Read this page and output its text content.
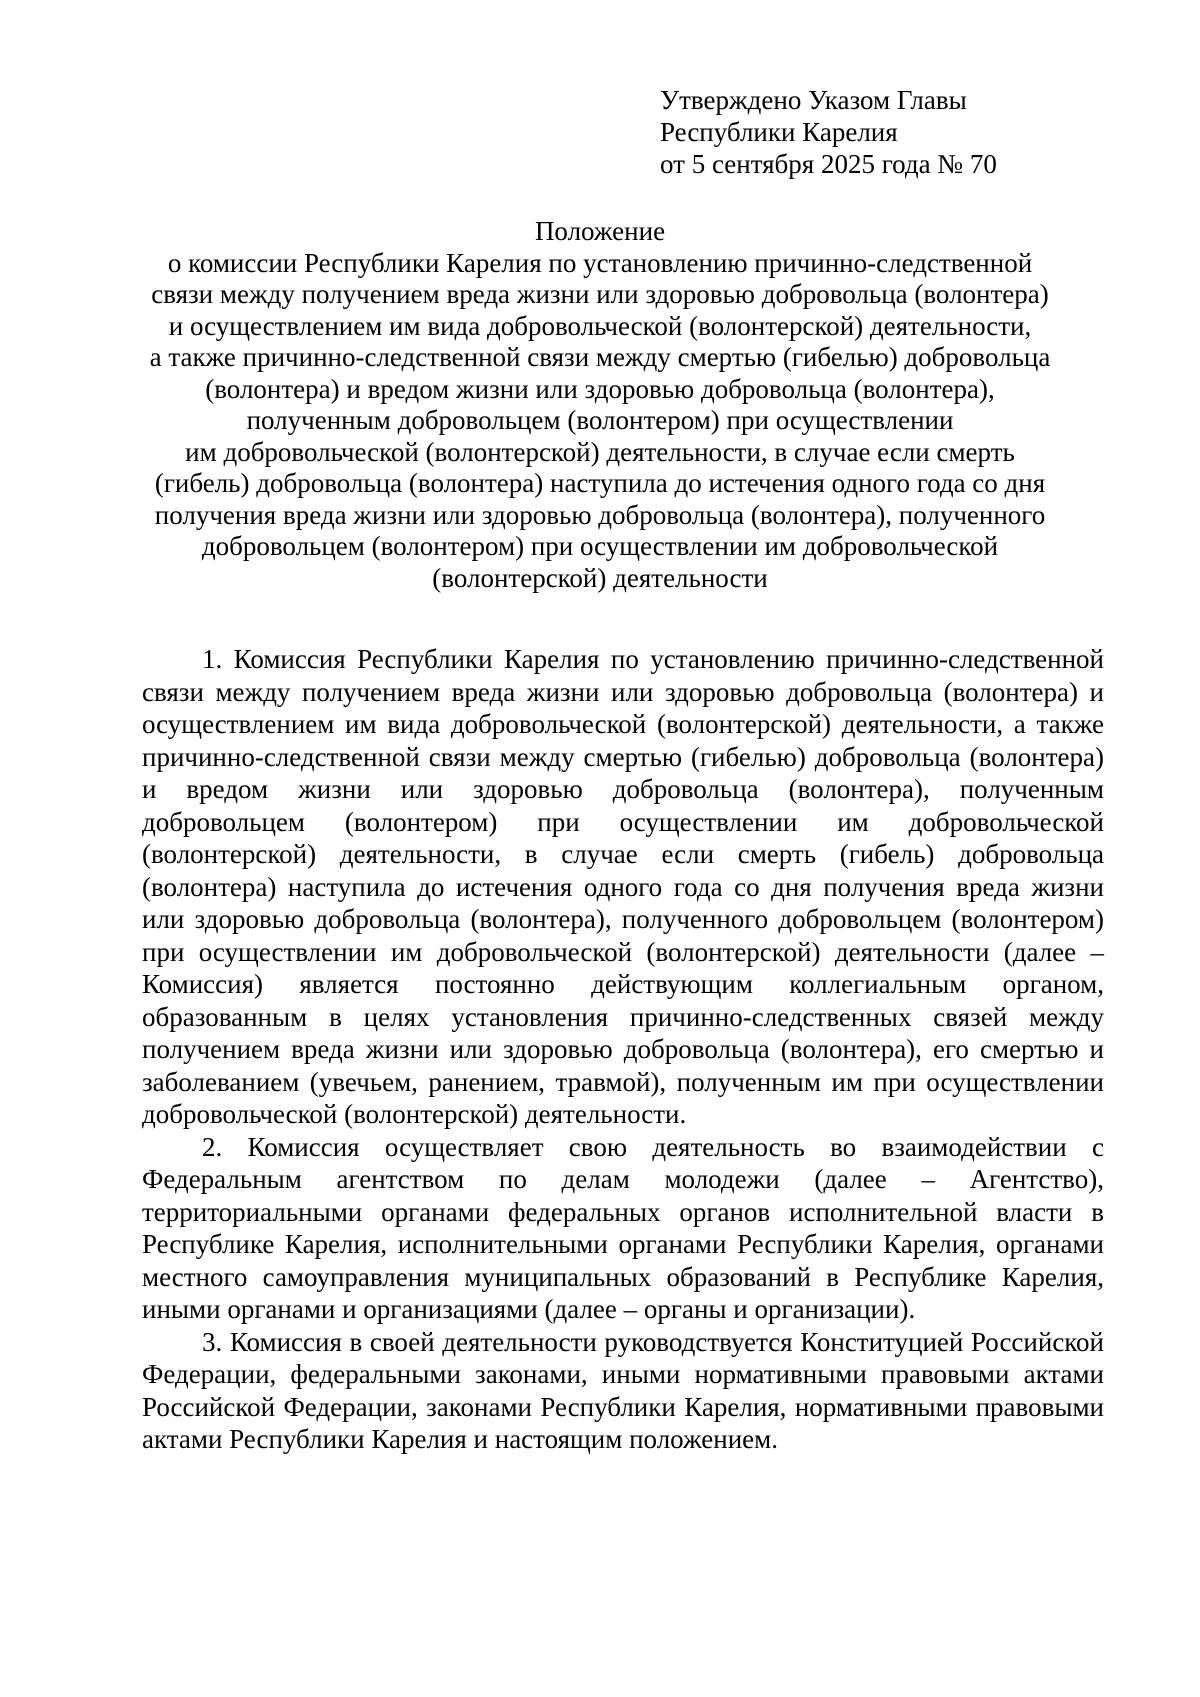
Утверждено Указом Главы
Республики Карелия
от 5 сентября 2025 года № 70
Положение
о комиссии Республики Карелия по установлению причинно-следственной
связи между получением вреда жизни или здоровью добровольца (волонтера)
и осуществлением им вида добровольческой (волонтерской) деятельности,
а также причинно-следственной связи между смертью (гибелью) добровольца
(волонтера) и вредом жизни или здоровью добровольца (волонтера),
полученным добровольцем (волонтером) при осуществлении
им добровольческой (волонтерской) деятельности, в случае если смерть
(гибель) добровольца (волонтера) наступила до истечения одного года со дня
получения вреда жизни или здоровью добровольца (волонтера), полученного
добровольцем (волонтером) при осуществлении им добровольческой
(волонтерской) деятельности

1. Комиссия Республики Карелия по установлению причинно-следственной связи между получением вреда жизни или здоровью добровольца (волонтера) и осуществлением им вида добровольческой (волонтерской) деятельности, а также причинно-следственной связи между смертью (гибелью) добровольца (волонтера) и вредом жизни или здоровью добровольца (волонтера), полученным добровольцем (волонтером) при осуществлении им добровольческой (волонтерской) деятельности, в случае если смерть (гибель) добровольца (волонтера) наступила до истечения одного года со дня получения вреда жизни или здоровью добровольца (волонтера), полученного добровольцем (волонтером) при осуществлении им добровольческой (волонтерской) деятельности (далее – Комиссия) является постоянно действующим коллегиальным органом, образованным в целях установления причинно-следственных связей между получением вреда жизни или здоровью добровольца (волонтера), его смертью и заболеванием (увечьем, ранением, травмой), полученным им при осуществлении добровольческой (волонтерской) деятельности.

2. Комиссия осуществляет свою деятельность во взаимодействии с Федеральным агентством по делам молодежи (далее – Агентство), территориальными органами федеральных органов исполнительной власти в Республике Карелия, исполнительными органами Республики Карелия, органами местного самоуправления муниципальных образований в Республике Карелия, иными органами и организациями (далее – органы и организации).

3. Комиссия в своей деятельности руководствуется Конституцией Российской Федерации, федеральными законами, иными нормативными правовыми актами Российской Федерации, законами Республики Карелия, нормативными правовыми актами Республики Карелия и настоящим положением.
